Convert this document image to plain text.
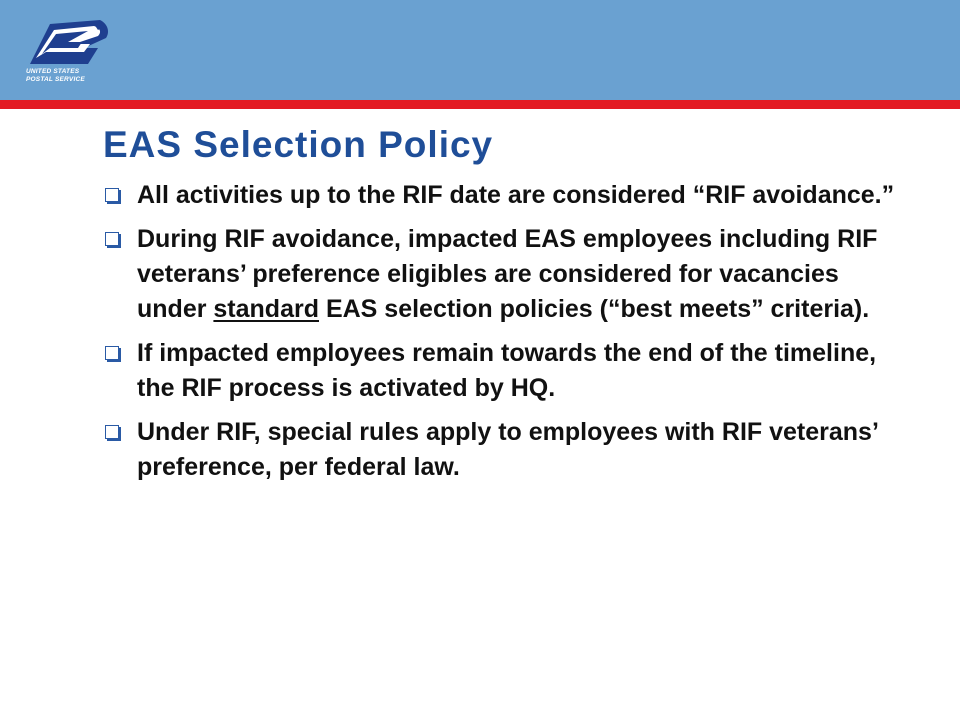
UNITED STATES
POSTAL SERVICE
EAS Selection Policy
All activities up to the RIF date are considered “RIF avoidance.”
During RIF avoidance, impacted EAS employees including RIF veterans’ preference eligibles are considered for vacancies under standard EAS selection policies (“best meets” criteria).
If impacted employees remain towards the end of the timeline, the RIF process is activated by HQ.
Under RIF, special rules apply to employees with RIF veterans’ preference, per federal law.
